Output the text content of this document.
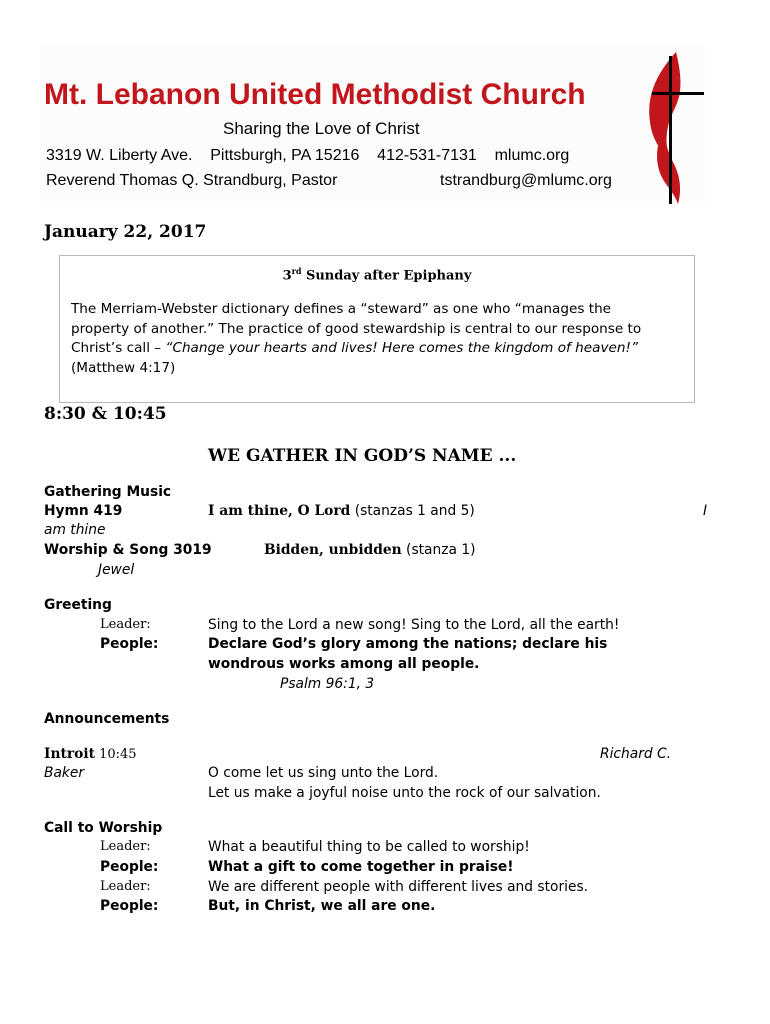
Mt. Lebanon United Methodist Church
Sharing the Love of Christ
3319 W. Liberty Ave. Pittsburgh, PA 15216 412-531-7131 mlumc.org
Reverend Thomas Q. Strandburg, Pastor	tstrandburg@mlumc.org
January 22, 2017
3rd Sunday after Epiphany
The Merriam-Webster dictionary defines a “steward” as one who “manages the property of another.” The practice of good stewardship is central to our response to Christ’s call – “Change your hearts and lives! Here comes the kingdom of heaven!” (Matthew 4:17)
8:30 & 10:45
WE GATHER IN GOD’S NAME ...
Gathering Music
Hymn 419	I am thine, O Lord (stanzas 1 and 5)	I
am thine
Worship & Song 3019	Bidden, unbidden (stanza 1)
Jewel
Greeting
Leader:	Sing to the Lord a new song! Sing to the Lord, all the earth!
People:	Declare God’s glory among the nations; declare his
wondrous works among all people.
Psalm 96:1, 3
Announcements
Introit 10:45	Richard C.
Baker	O come let us sing unto the Lord.
Let us make a joyful noise unto the rock of our salvation.
Call to Worship
Leader:	What a beautiful thing to be called to worship!
People:	What a gift to come together in praise!
Leader:	We are different people with different lives and stories.
People:	But, in Christ, we all are one.
